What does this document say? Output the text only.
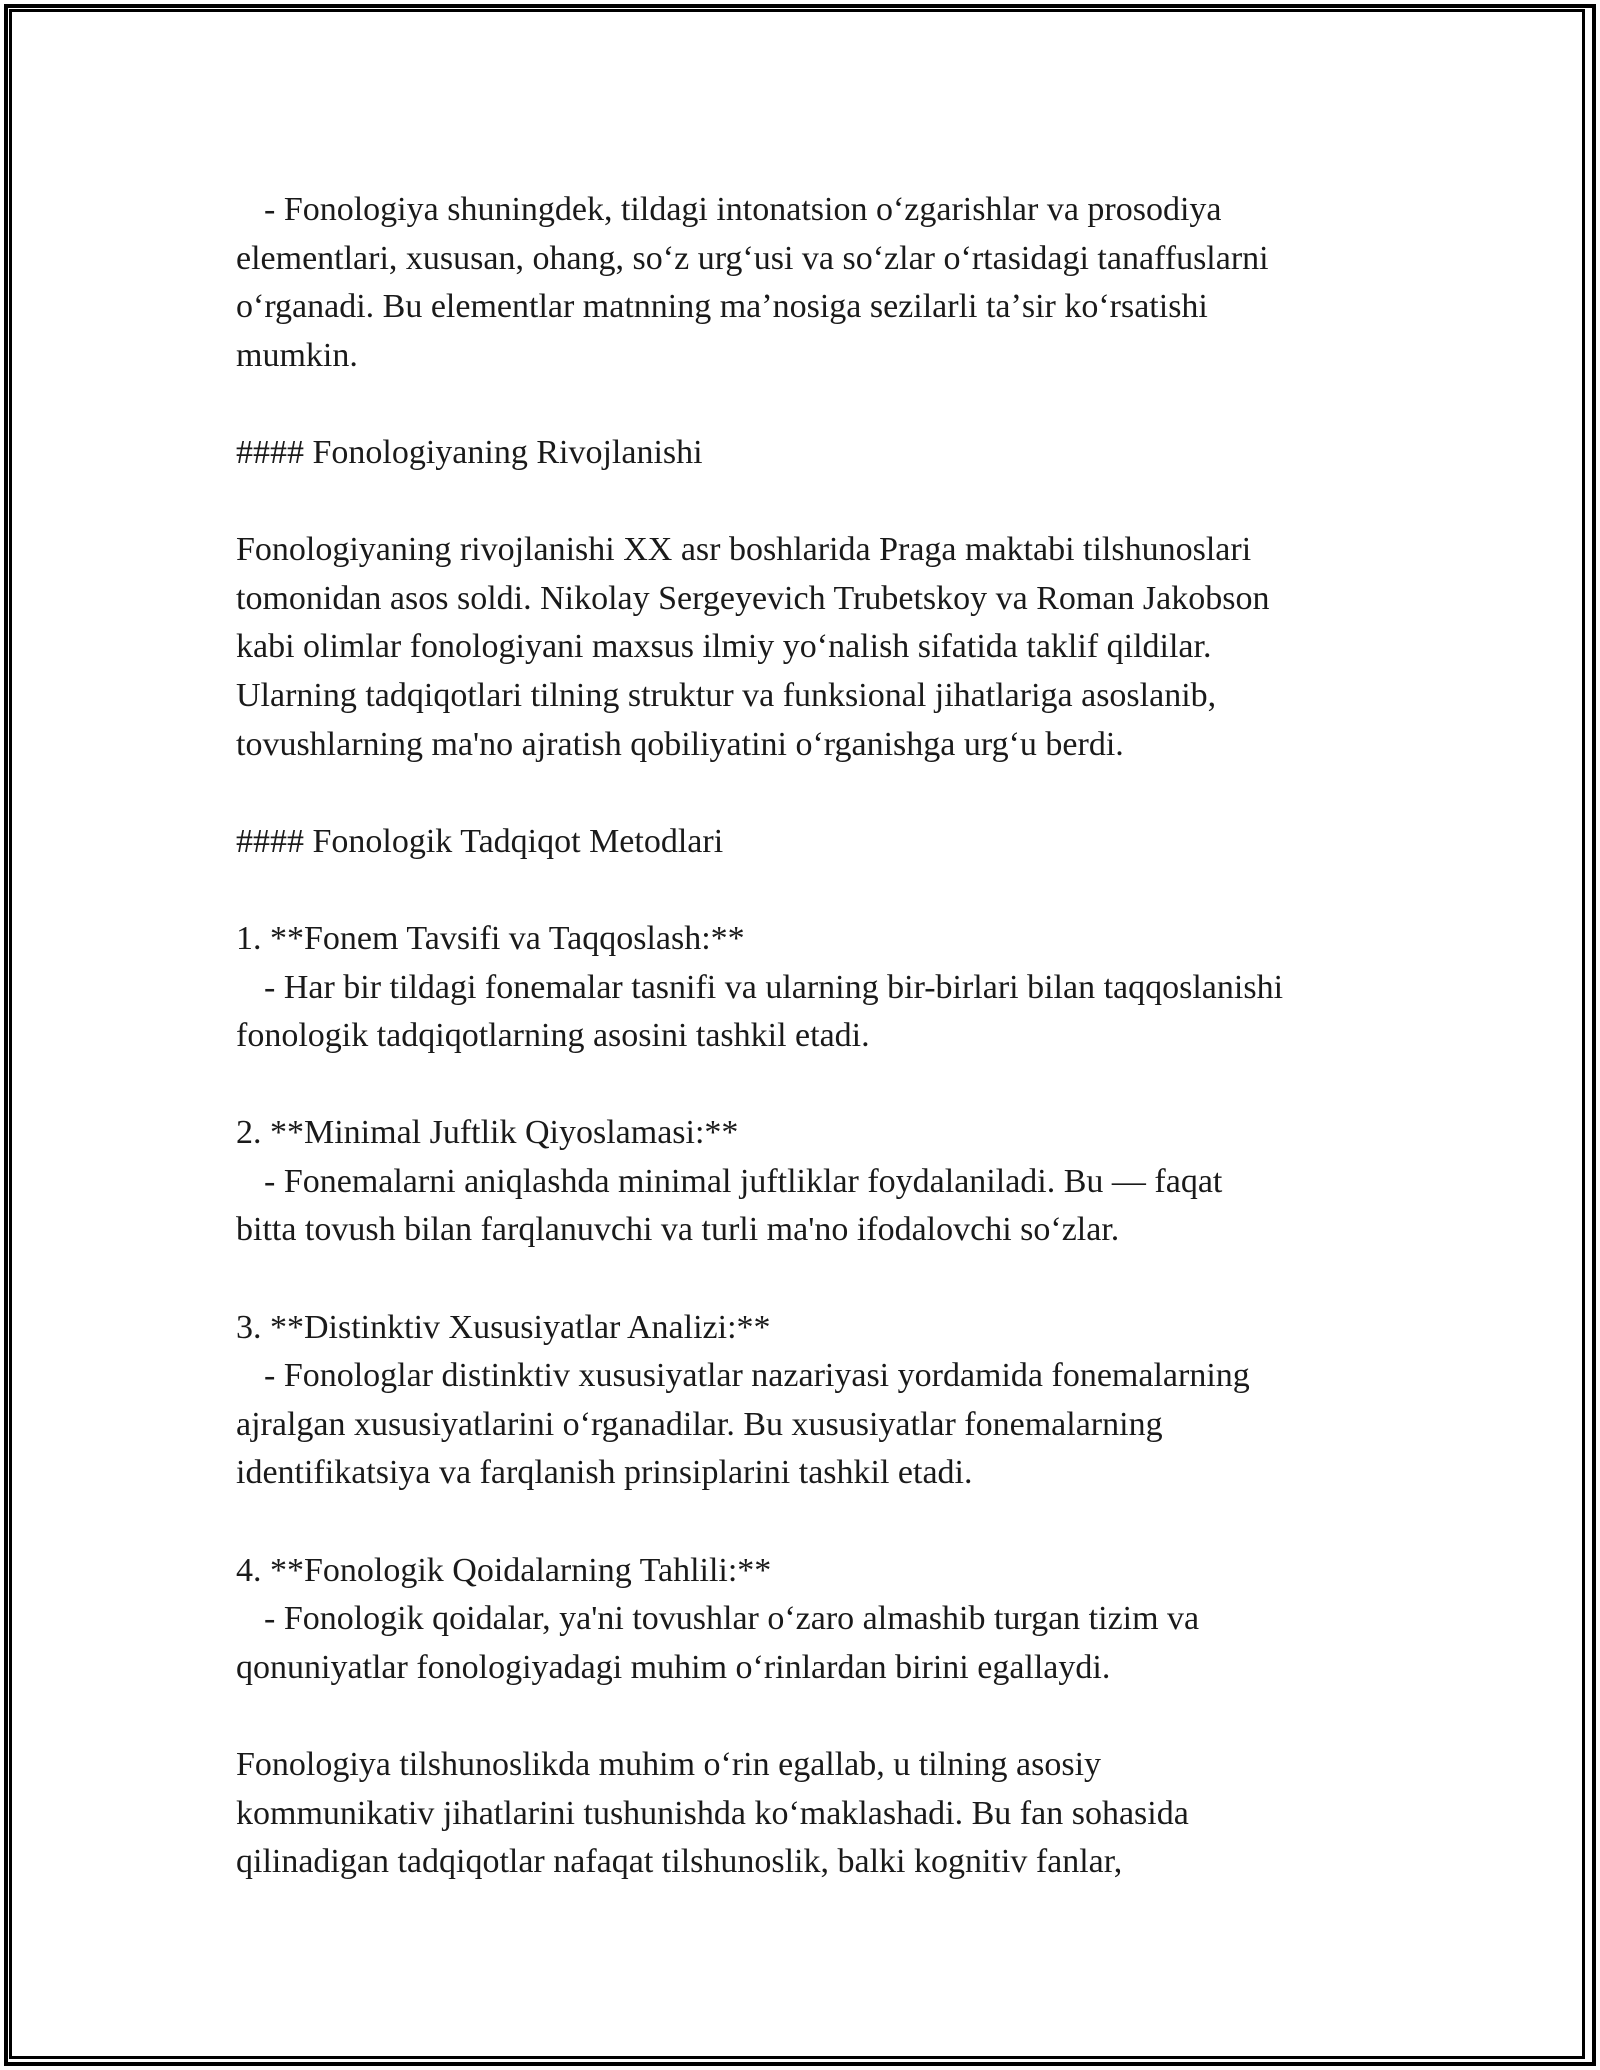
- Fonologiya shuningdek, tildagi intonatsion oʻzgarishlar va prosodiya
elementlari, xususan, ohang, soʻz urgʻusi va soʻzlar oʻrtasidagi tanaffuslarni
oʻrganadi. Bu elementlar matnning maʼnosiga sezilarli taʼsir koʻrsatishi
mumkin.
#### Fonologiyaning Rivojlanishi
Fonologiyaning rivojlanishi XX asr boshlarida Praga maktabi tilshunoslari
tomonidan asos soldi. Nikolay Sergeyevich Trubetskoy va Roman Jakobson
kabi olimlar fonologiyani maxsus ilmiy yoʻnalish sifatida taklif qildilar.
Ularning tadqiqotlari tilning struktur va funksional jihatlariga asoslanib,
tovushlarning ma'no ajratish qobiliyatini oʻrganishga urgʻu berdi.
#### Fonologik Tadqiqot Metodlari
1. **Fonem Tavsifi va Taqqoslash:**
- Har bir tildagi fonemalar tasnifi va ularning bir-birlari bilan taqqoslanishi
fonologik tadqiqotlarning asosini tashkil etadi.
2. **Minimal Juftlik Qiyoslamasi:**
- Fonemalarni aniqlashda minimal juftliklar foydalaniladi. Bu — faqat
bitta tovush bilan farqlanuvchi va turli ma'no ifodalovchi soʻzlar.
3. **Distinktiv Xususiyatlar Analizi:**
- Fonologlar distinktiv xususiyatlar nazariyasi yordamida fonemalarning
ajralgan xususiyatlarini oʻrganadilar. Bu xususiyatlar fonemalarning
identifikatsiya va farqlanish prinsiplarini tashkil etadi.
4. **Fonologik Qoidalarning Tahlili:**
- Fonologik qoidalar, ya'ni tovushlar oʻzaro almashib turgan tizim va
qonuniyatlar fonologiyadagi muhim oʻrinlardan birini egallaydi.
Fonologiya tilshunoslikda muhim oʻrin egallab, u tilning asosiy
kommunikativ jihatlarini tushunishda koʻmaklashadi. Bu fan sohasida
qilinadigan tadqiqotlar nafaqat tilshunoslik, balki kognitiv fanlar,
